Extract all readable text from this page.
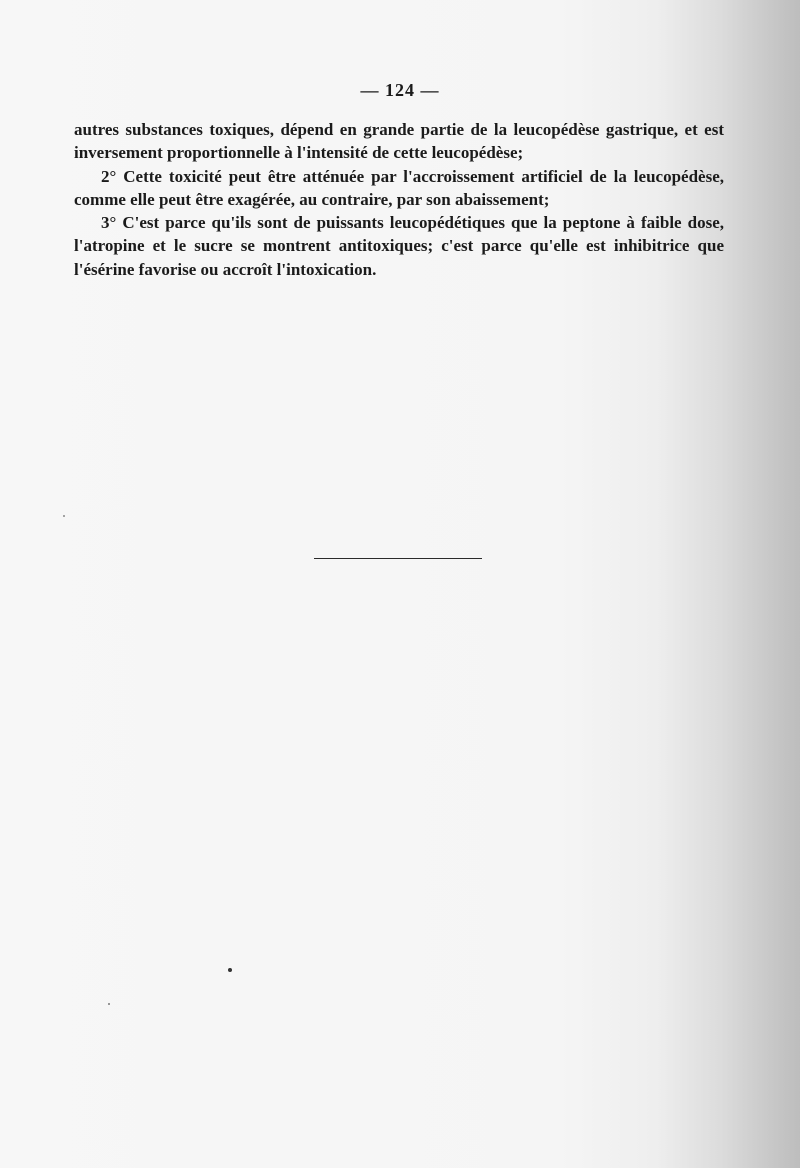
— 124 —

autres substances toxiques, dépend en grande partie de la leucopédèse gastrique, et est inversement proportionnelle à l'intensité de cette leucopédèse;

2° Cette toxicité peut être atténuée par l'accroissement artificiel de la leucopédèse, comme elle peut être exagérée, au contraire, par son abaissement;

3° C'est parce qu'ils sont de puissants leucopédétiques que la peptone à faible dose, l'atropine et le sucre se montrent antitoxiques; c'est parce qu'elle est inhibitrice que l'ésérine favorise ou accroît l'intoxication.
